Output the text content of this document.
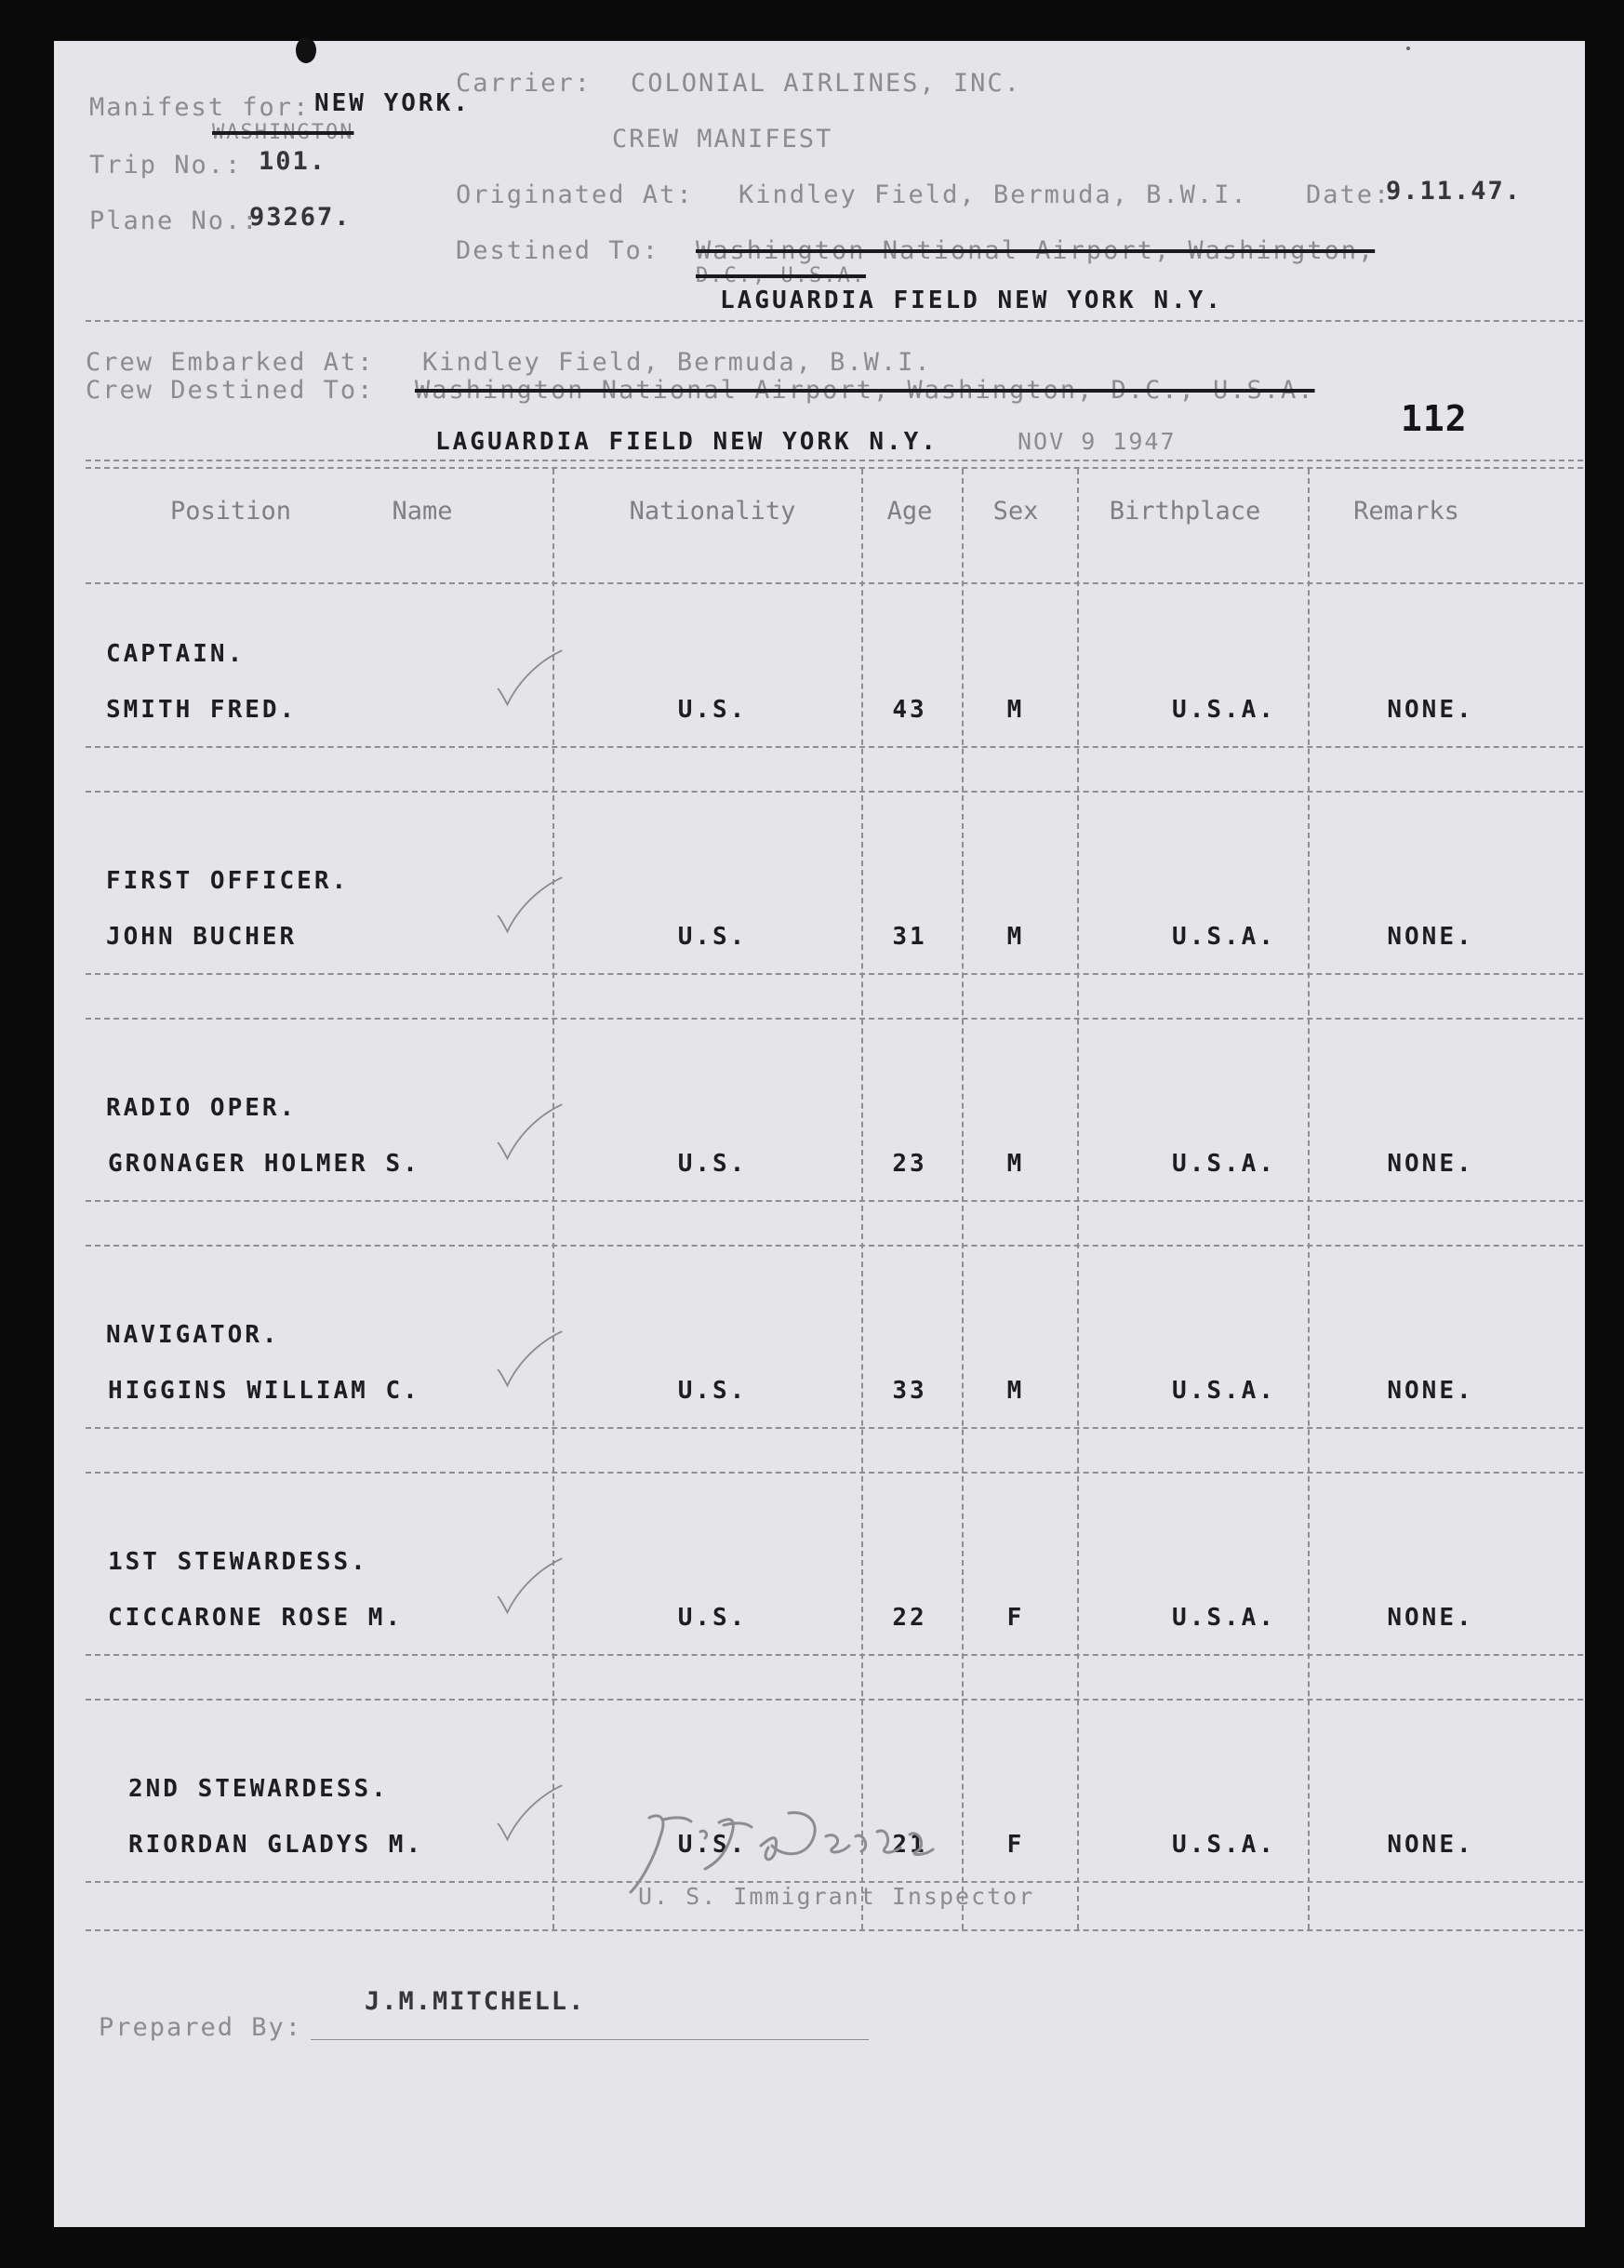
Manifest for: NEW YORK.
WASHINGTON
Trip No.: 101.
Plane No.:
93267.
Carrier: COLONIAL AIRLINES, INC.
CREW MANIFEST
Originated At: Kindley Field, Bermuda, B.W.I. Date:
9.11.47.
Destined To: Washington National Airport, Washington,
D.C., U.S.A.
LAGUARDIA FIELD NEW YORK N.Y.
Crew Embarked At: Kindley Field, Bermuda, B.W.I.
Crew Destined To: Washington National Airport, Washington, D.C., U.S.A.
LAGUARDIA FIELD NEW YORK N.Y.	NOV 9 1947
112
Position	Name	Nationality	Age Sex	Birthplace	Remarks
CAPTAIN.
SMITH FRED.	U.S.	43	M	U.S.A.	NONE.
FIRST OFFICER.
JOHN BUCHER	U.S.	31	M	U.S.A.	NONE.
RADIO OPER.
GRONAGER HOLMER S.	U.S.	23	M	U.S.A.	NONE.
NAVIGATOR.
HIGGINS WILLIAM C.	U.S.	33	M	U.S.A.	NONE.
1ST STEWARDESS.
CICCARONE ROSE M.	U.S.	22	F	U.S.A.	NONE.
2ND STEWARDESS.
RIORDAN GLADYS M.	U.S.	21	F	U.S.A.	NONE.
U. S. Immigrant Inspector
J.M.MITCHELL.
Prepared By:
